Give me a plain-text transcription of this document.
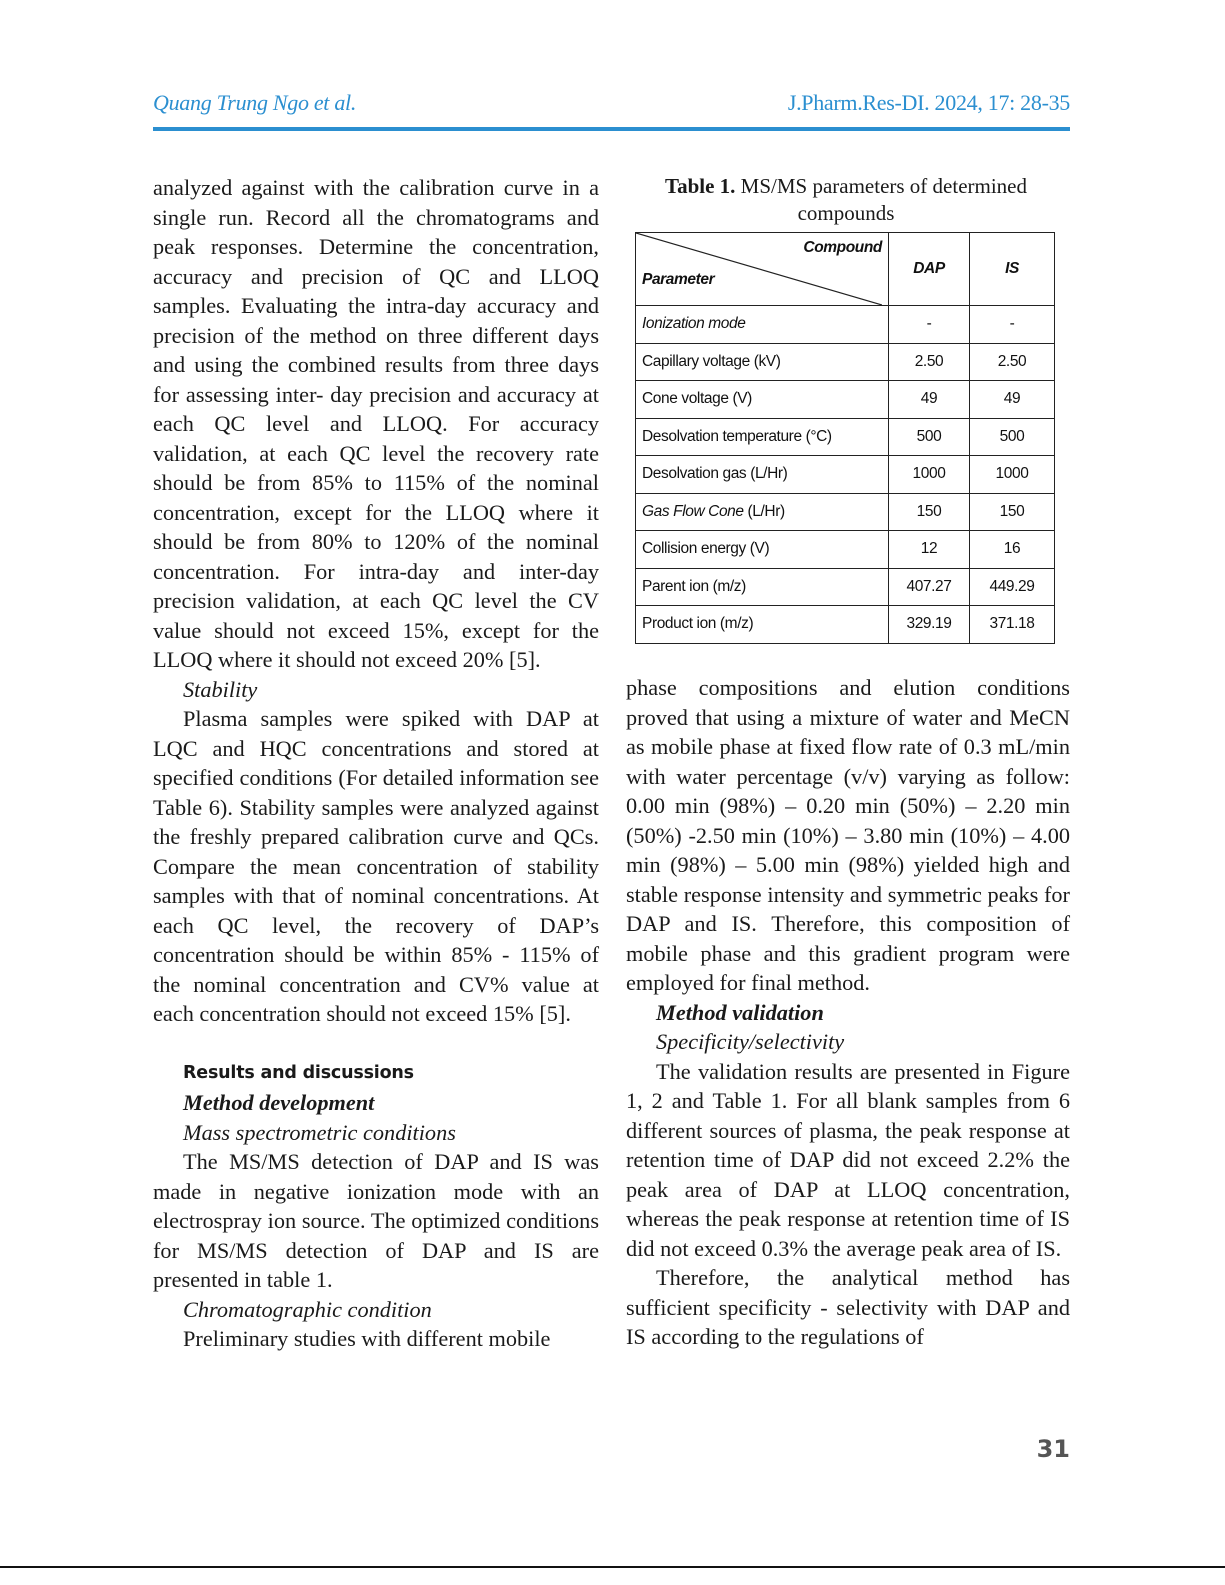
Quang Trung Ngo et al.	J.Pharm.Res-DI. 2024, 17: 28-35

analyzed against with the calibration curve in a single run. Record all the chromatograms and peak responses. Determine the concentration, accuracy and precision of QC and LLOQ samples. Evaluating the intra-day accuracy and precision of the method on three different days and using the combined results from three days for assessing inter- day precision and accuracy at each QC level and LLOQ. For accuracy validation, at each QC level the recovery rate should be from 85% to 115% of the nominal concentration, except for the LLOQ where it should be from 80% to 120% of the nominal concentration. For intra-day and inter-day precision validation, at each QC level the CV value should not exceed 15%, except for the LLOQ where it should not exceed 20% [5].

Stability

Plasma samples were spiked with DAP at LQC and HQC concentrations and stored at specified conditions (For detailed information see Table 6). Stability samples were analyzed against the freshly prepared calibration curve and QCs. Compare the mean concentration of stability samples with that of nominal concentrations. At each QC level, the recovery of DAP’s concentration should be within 85% - 115% of the nominal concentration and CV% value at each concentration should not exceed 15% [5].

Results and discussions

Method development

Mass spectrometric conditions

The MS/MS detection of DAP and IS was made in negative ionization mode with an electrospray ion source. The optimized conditions for MS/MS detection of DAP and IS are presented in table 1.

Chromatographic condition

Preliminary studies with different mobile

Table 1. MS/MS parameters of determined compounds
Compound
Parameter	DAP	IS
Ionization mode	-	-
Capillary voltage (kV)	2.50	2.50
Cone voltage (V)	49	49
Desolvation temperature (°C)	500	500
Desolvation gas (L/Hr)	1000	1000
Gas Flow Cone (L/Hr)	150	150
Collision energy (V)	12	16
Parent ion (m/z)	407.27	449.29
Product ion (m/z)	329.19	371.18

phase compositions and elution conditions proved that using a mixture of water and MeCN as mobile phase at fixed flow rate of 0.3 mL/min with water percentage (v/v) varying as follow: 0.00 min (98%) – 0.20 min (50%) – 2.20 min (50%) -2.50 min (10%) – 3.80 min (10%) – 4.00 min (98%) – 5.00 min (98%) yielded high and stable response intensity and symmetric peaks for DAP and IS. Therefore, this composition of mobile phase and this gradient program were employed for final method.

Method validation

Specificity/selectivity

The validation results are presented in Figure 1, 2 and Table 1. For all blank samples from 6 different sources of plasma, the peak response at retention time of DAP did not exceed 2.2% the peak area of DAP at LLOQ concentration, whereas the peak response at retention time of IS did not exceed 0.3% the average peak area of IS.

Therefore, the analytical method has sufficient specificity - selectivity with DAP and IS according to the regulations of

31
